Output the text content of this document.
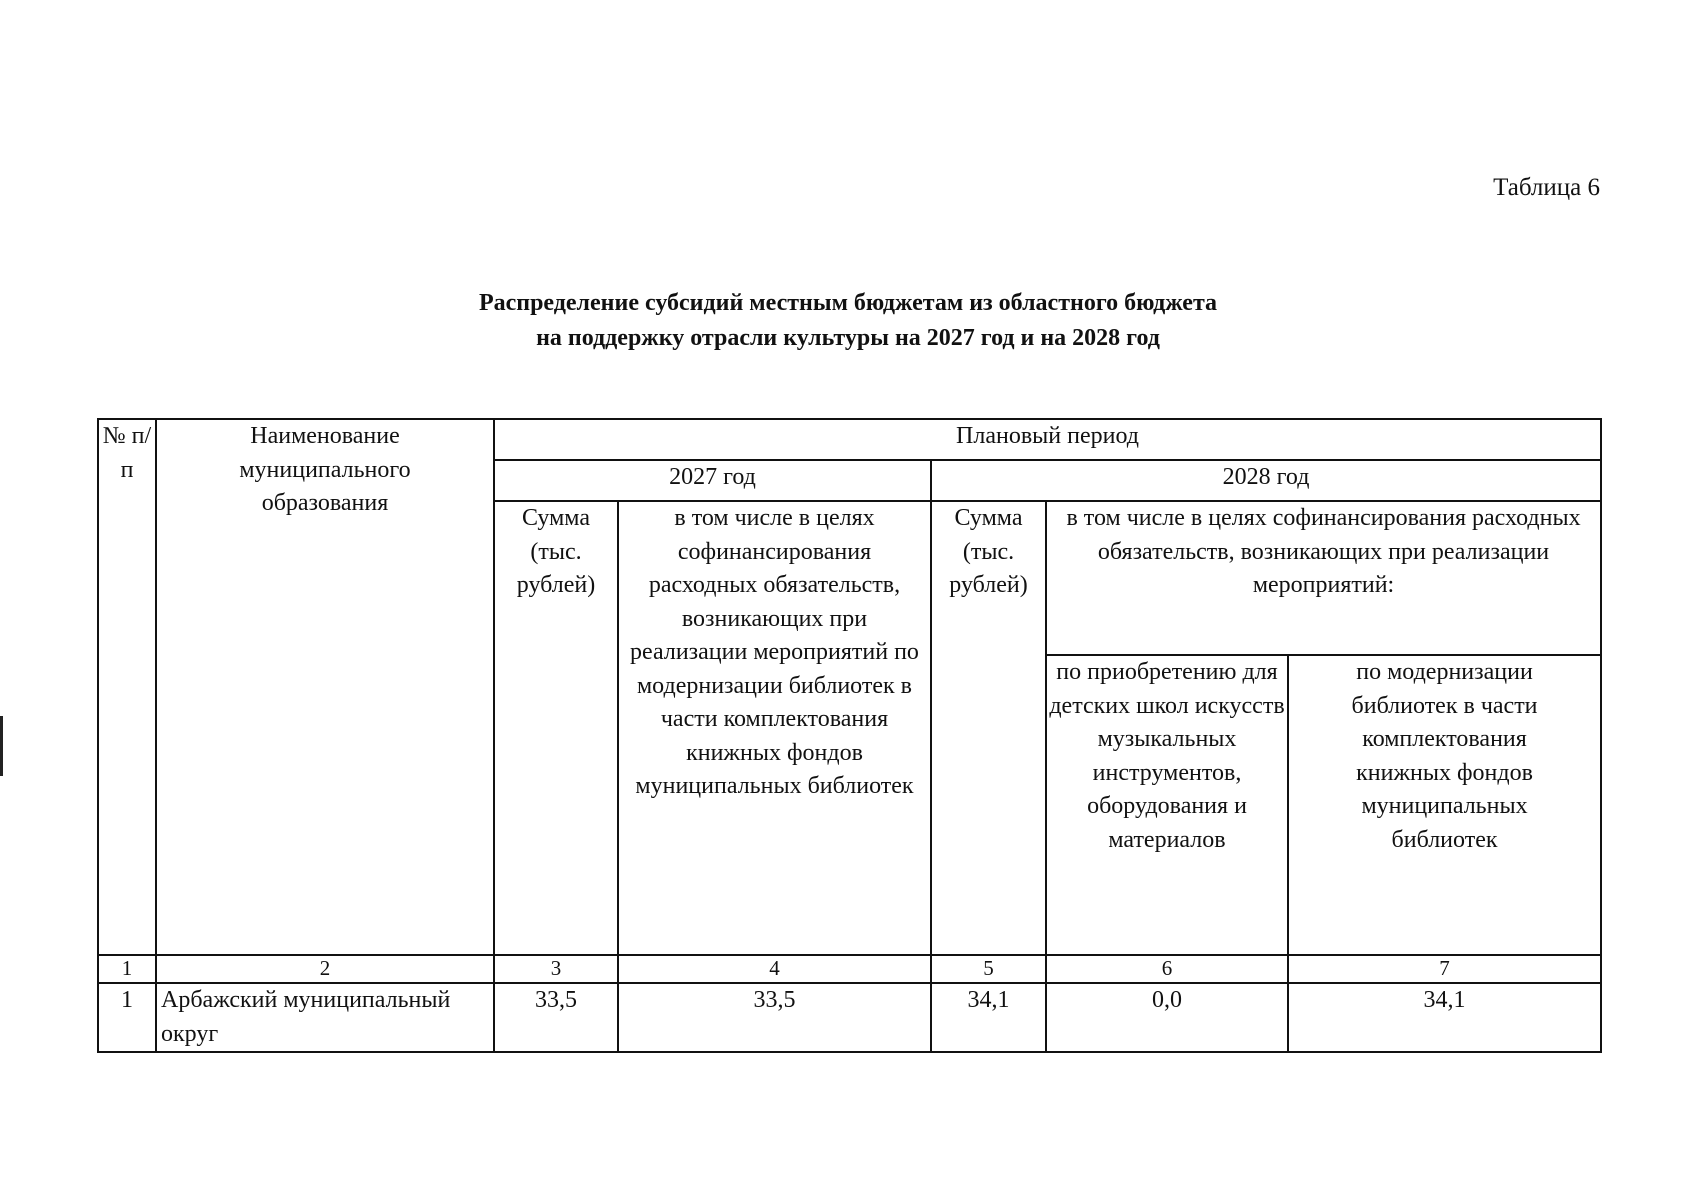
Таблица 6
Распределение субсидий местным бюджетам из областного бюджета
на поддержку отрасли культуры на 2027 год и на 2028 год
№ п/п	Наименование муниципального образования	Плановый период				
		2027 год		2028 год		
		Сумма (тыс. рублей)	в том числе в целях софинансирования расходных обязательств, возникающих при реализации мероприятий по модернизации библиотек в части комплектования книжных фондов муниципальных библиотек	Сумма (тыс. рублей)	в том числе в целях софинансирования расходных обязательств, возникающих при реализации мероприятий:	
					по приобретению для детских школ искусств музыкальных инструментов, оборудования и материалов	по модернизации библиотек в части комплектования книжных фондов муниципальных библиотек
1	2	3	4	5	6	7
1	Арбажский муниципальный округ	33,5	33,5	34,1	0,0	34,1
